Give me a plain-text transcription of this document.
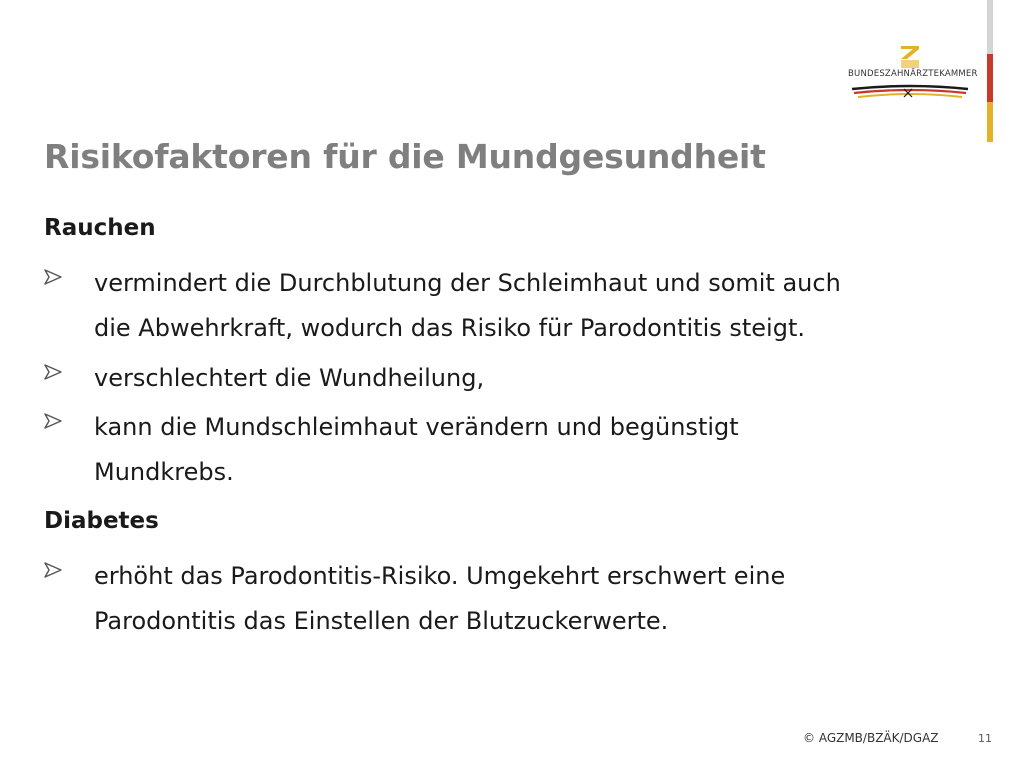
BUNDESZAHNÄRZTEKAMMER
Risikofaktoren für die Mundgesundheit
Rauchen
vermindert die Durchblutung der Schleimhaut und somit auch
die Abwehrkraft, wodurch das Risiko für Parodontitis steigt.
verschlechtert die Wundheilung,
kann die Mundschleimhaut verändern und begünstigt
Mundkrebs.
Diabetes
erhöht das Parodontitis-Risiko. Umgekehrt erschwert eine
Parodontitis das Einstellen der Blutzuckerwerte.
© AGZMB/BZÄK/DGAZ	11
